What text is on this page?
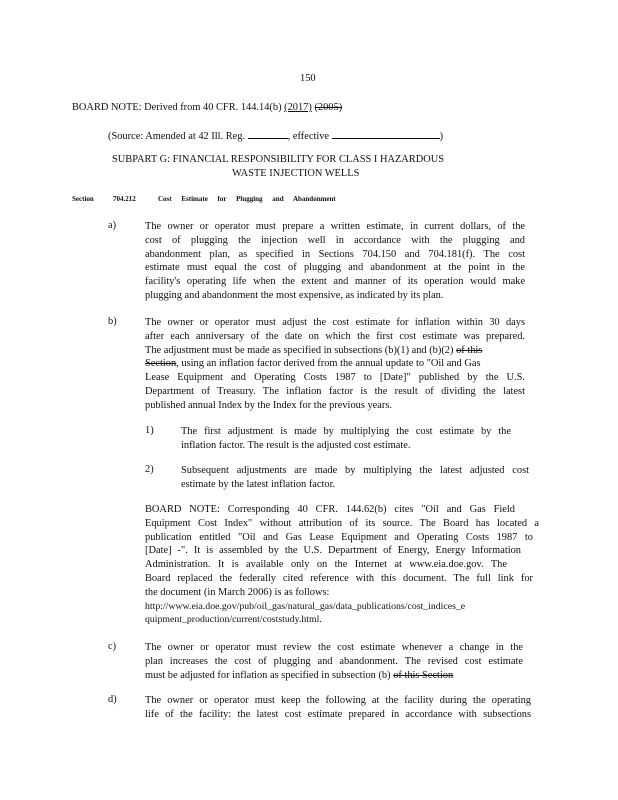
150
BOARD NOTE: Derived from 40 CFR. 144.14(b) (2017) (2005)
(Source: Amended at 42 Ill. Reg.	, effective	)
SUBPART G: FINANCIAL RESPONSIBILITY FOR CLASS I HAZARDOUS
WASTE INJECTION WELLS
Section	704.212	Cost Estimate for Plugging and Abandonment
a)	The owner or operator must prepare a written estimate, in current dollars, of the
cost of plugging the injection well in accordance with the plugging and
abandonment plan, as specified in Sections 704.150 and 704.181(f). The cost
estimate must equal the cost of plugging and abandonment at the point in the
facility's operating life when the extent and manner of its operation would make
plugging and abandonment the most expensive, as indicated by its plan.
b)	The owner or operator must adjust the cost estimate for inflation within 30 days
after each anniversary of the date on which the first cost estimate was prepared.
The adjustment must be made as specified in subsections (b)(1) and (b)(2) of this
Section, using an inflation factor derived from the annual update to "Oil and Gas
Lease Equipment and Operating Costs 1987 to [Date]" published by the U.S.
Department of Treasury. The inflation factor is the result of dividing the latest
published annual Index by the Index for the previous years.
1)	The first adjustment is made by multiplying the cost estimate by the
inflation factor. The result is the adjusted cost estimate.
2)	Subsequent adjustments are made by multiplying the latest adjusted cost
estimate by the latest inflation factor.
BOARD NOTE: Corresponding 40 CFR. 144.62(b) cites "Oil and Gas Field
Equipment Cost Index" without attribution of its source. The Board has located a
publication entitled "Oil and Gas Lease Equipment and Operating Costs 1987 to
[Date] -". It is assembled by the U.S. Department of Energy, Energy Information
Administration. It is available only on the Internet at www.eia.doe.gov. The
Board replaced the federally cited reference with this document. The full link for
the document (in March 2006) is as follows:
http://www.eia.doe.gov/pub/oil_gas/natural_gas/data_publications/cost_indices_e
quipment_production/current/coststudy.html.
c)	The owner or operator must review the cost estimate whenever a change in the
plan increases the cost of plugging and abandonment. The revised cost estimate
must be adjusted for inflation as specified in subsection (b) of this Section
d)	The owner or operator must keep the following at the facility during the operating
life of the facility: the latest cost estimate prepared in accordance with subsections
